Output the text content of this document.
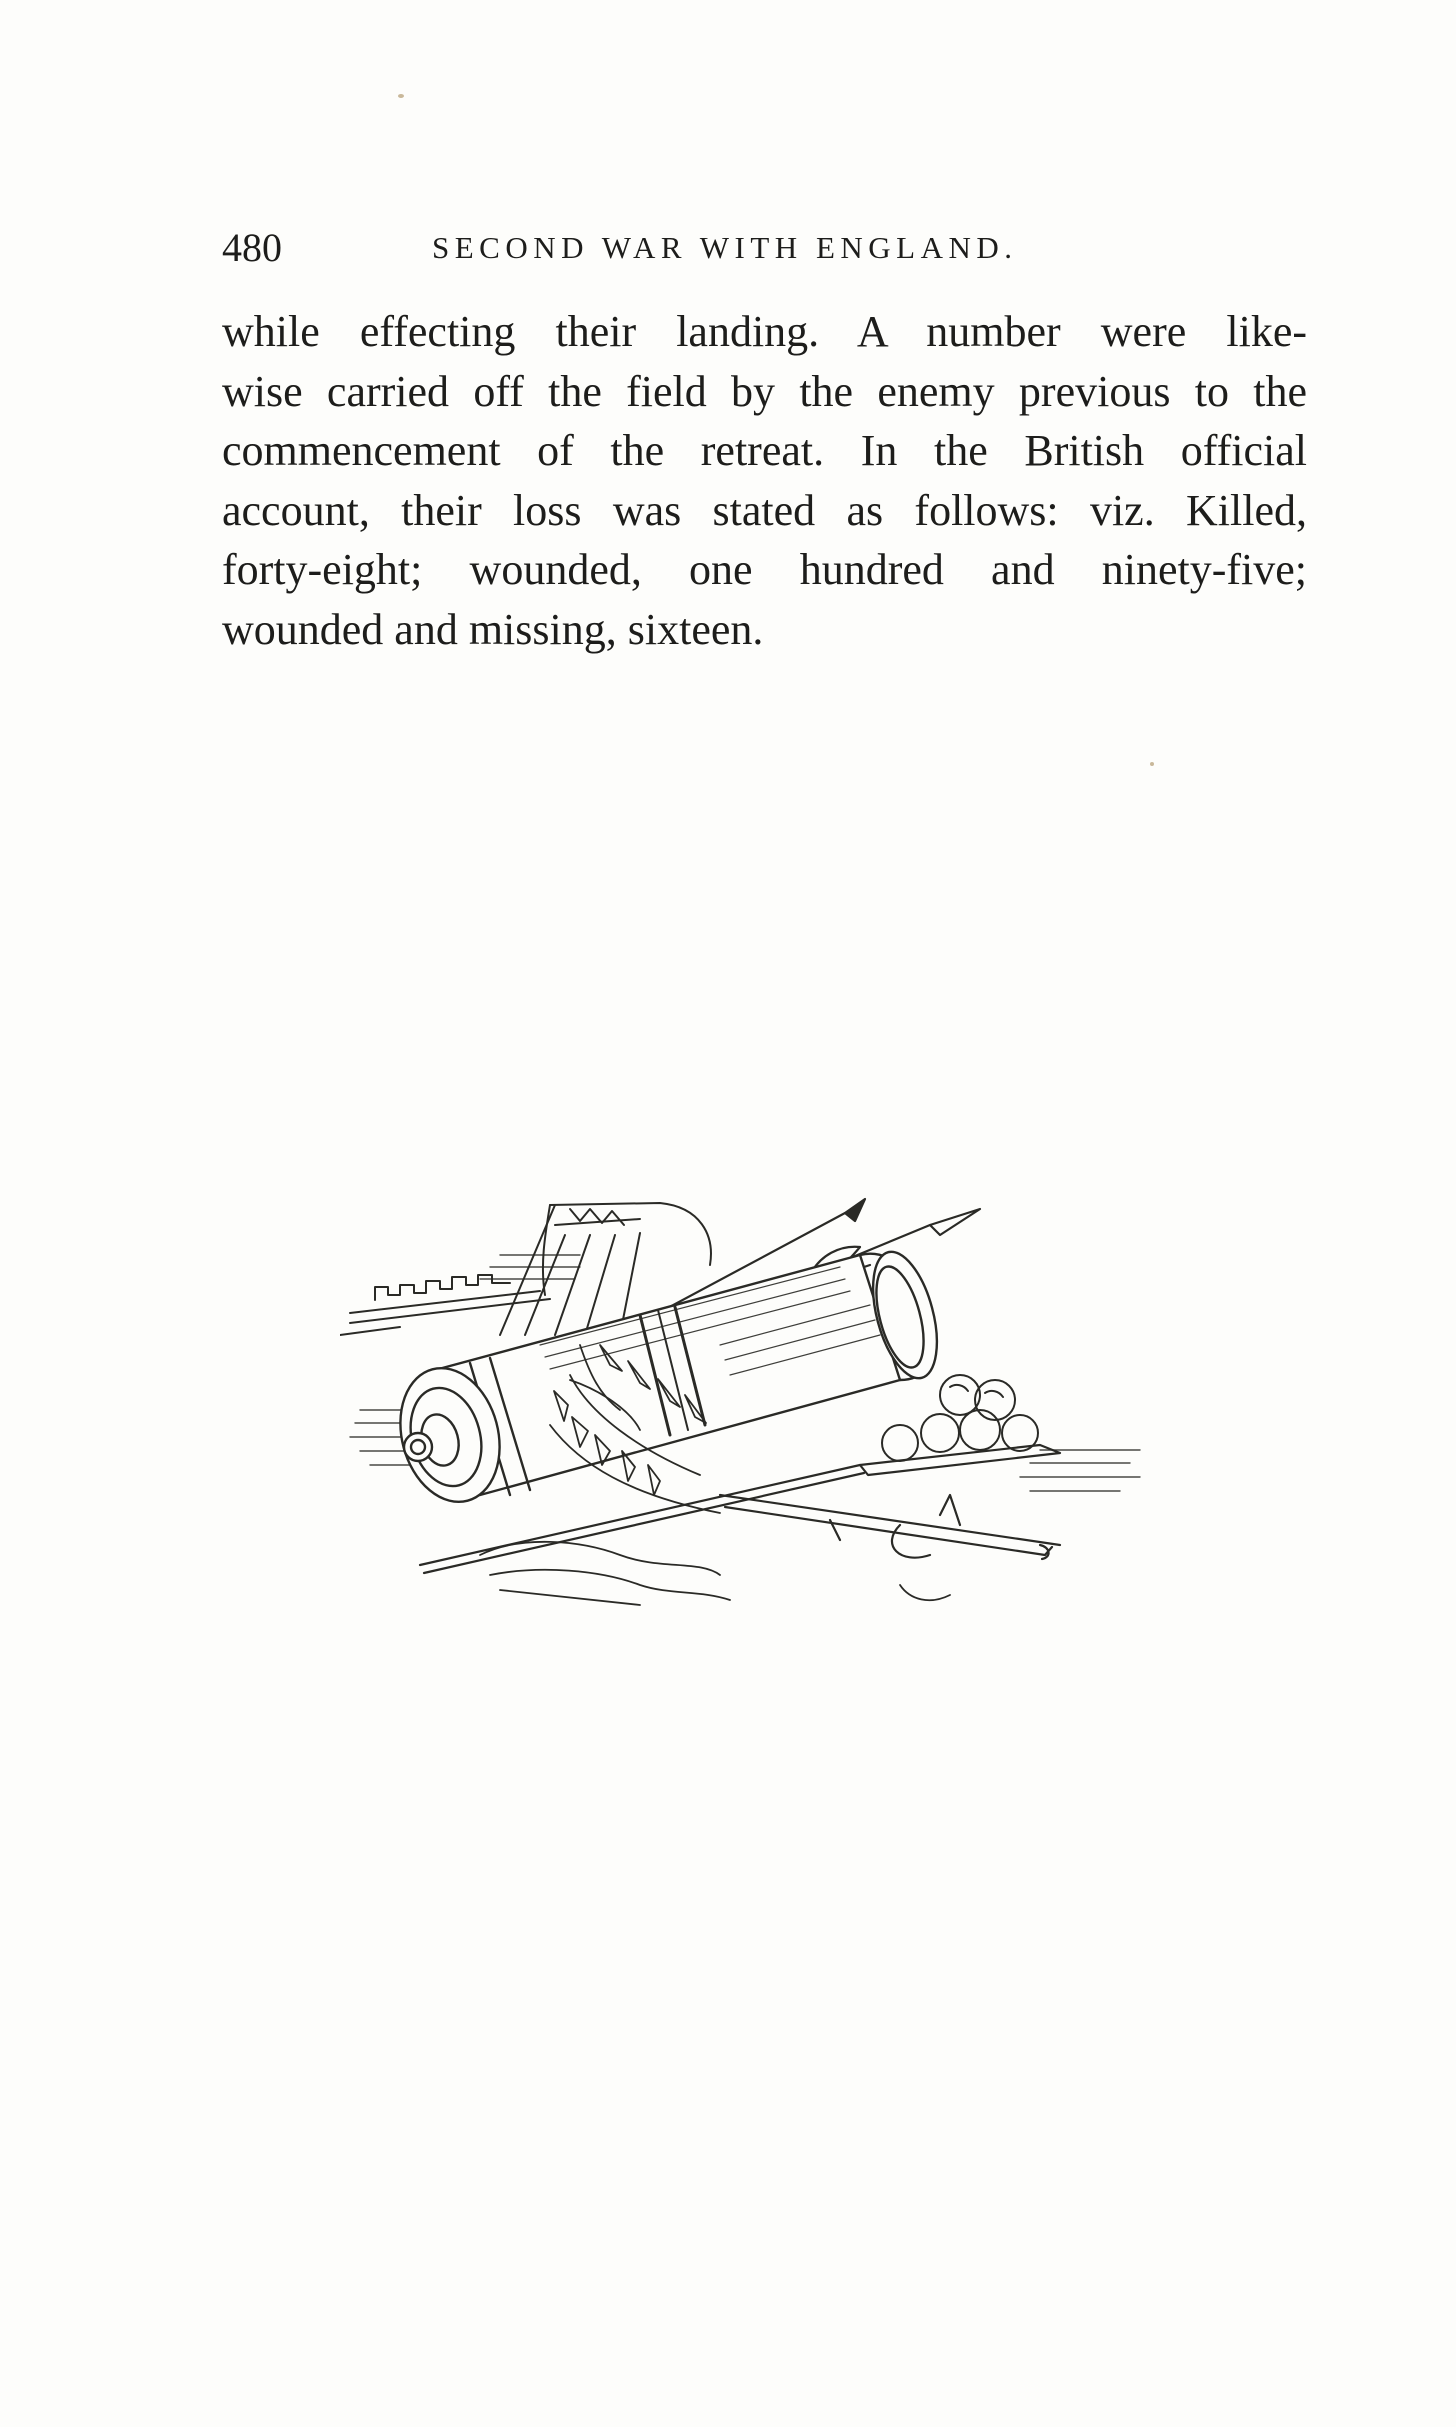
480	SECOND WAR WITH ENGLAND.
while effecting their landing. A number were like-
wise carried off the field by the enemy previous to the
commencement of the retreat. In the British official
account, their loss was stated as follows: viz. Killed,
forty-eight; wounded, one hundred and ninety-five;
wounded and missing, sixteen.
